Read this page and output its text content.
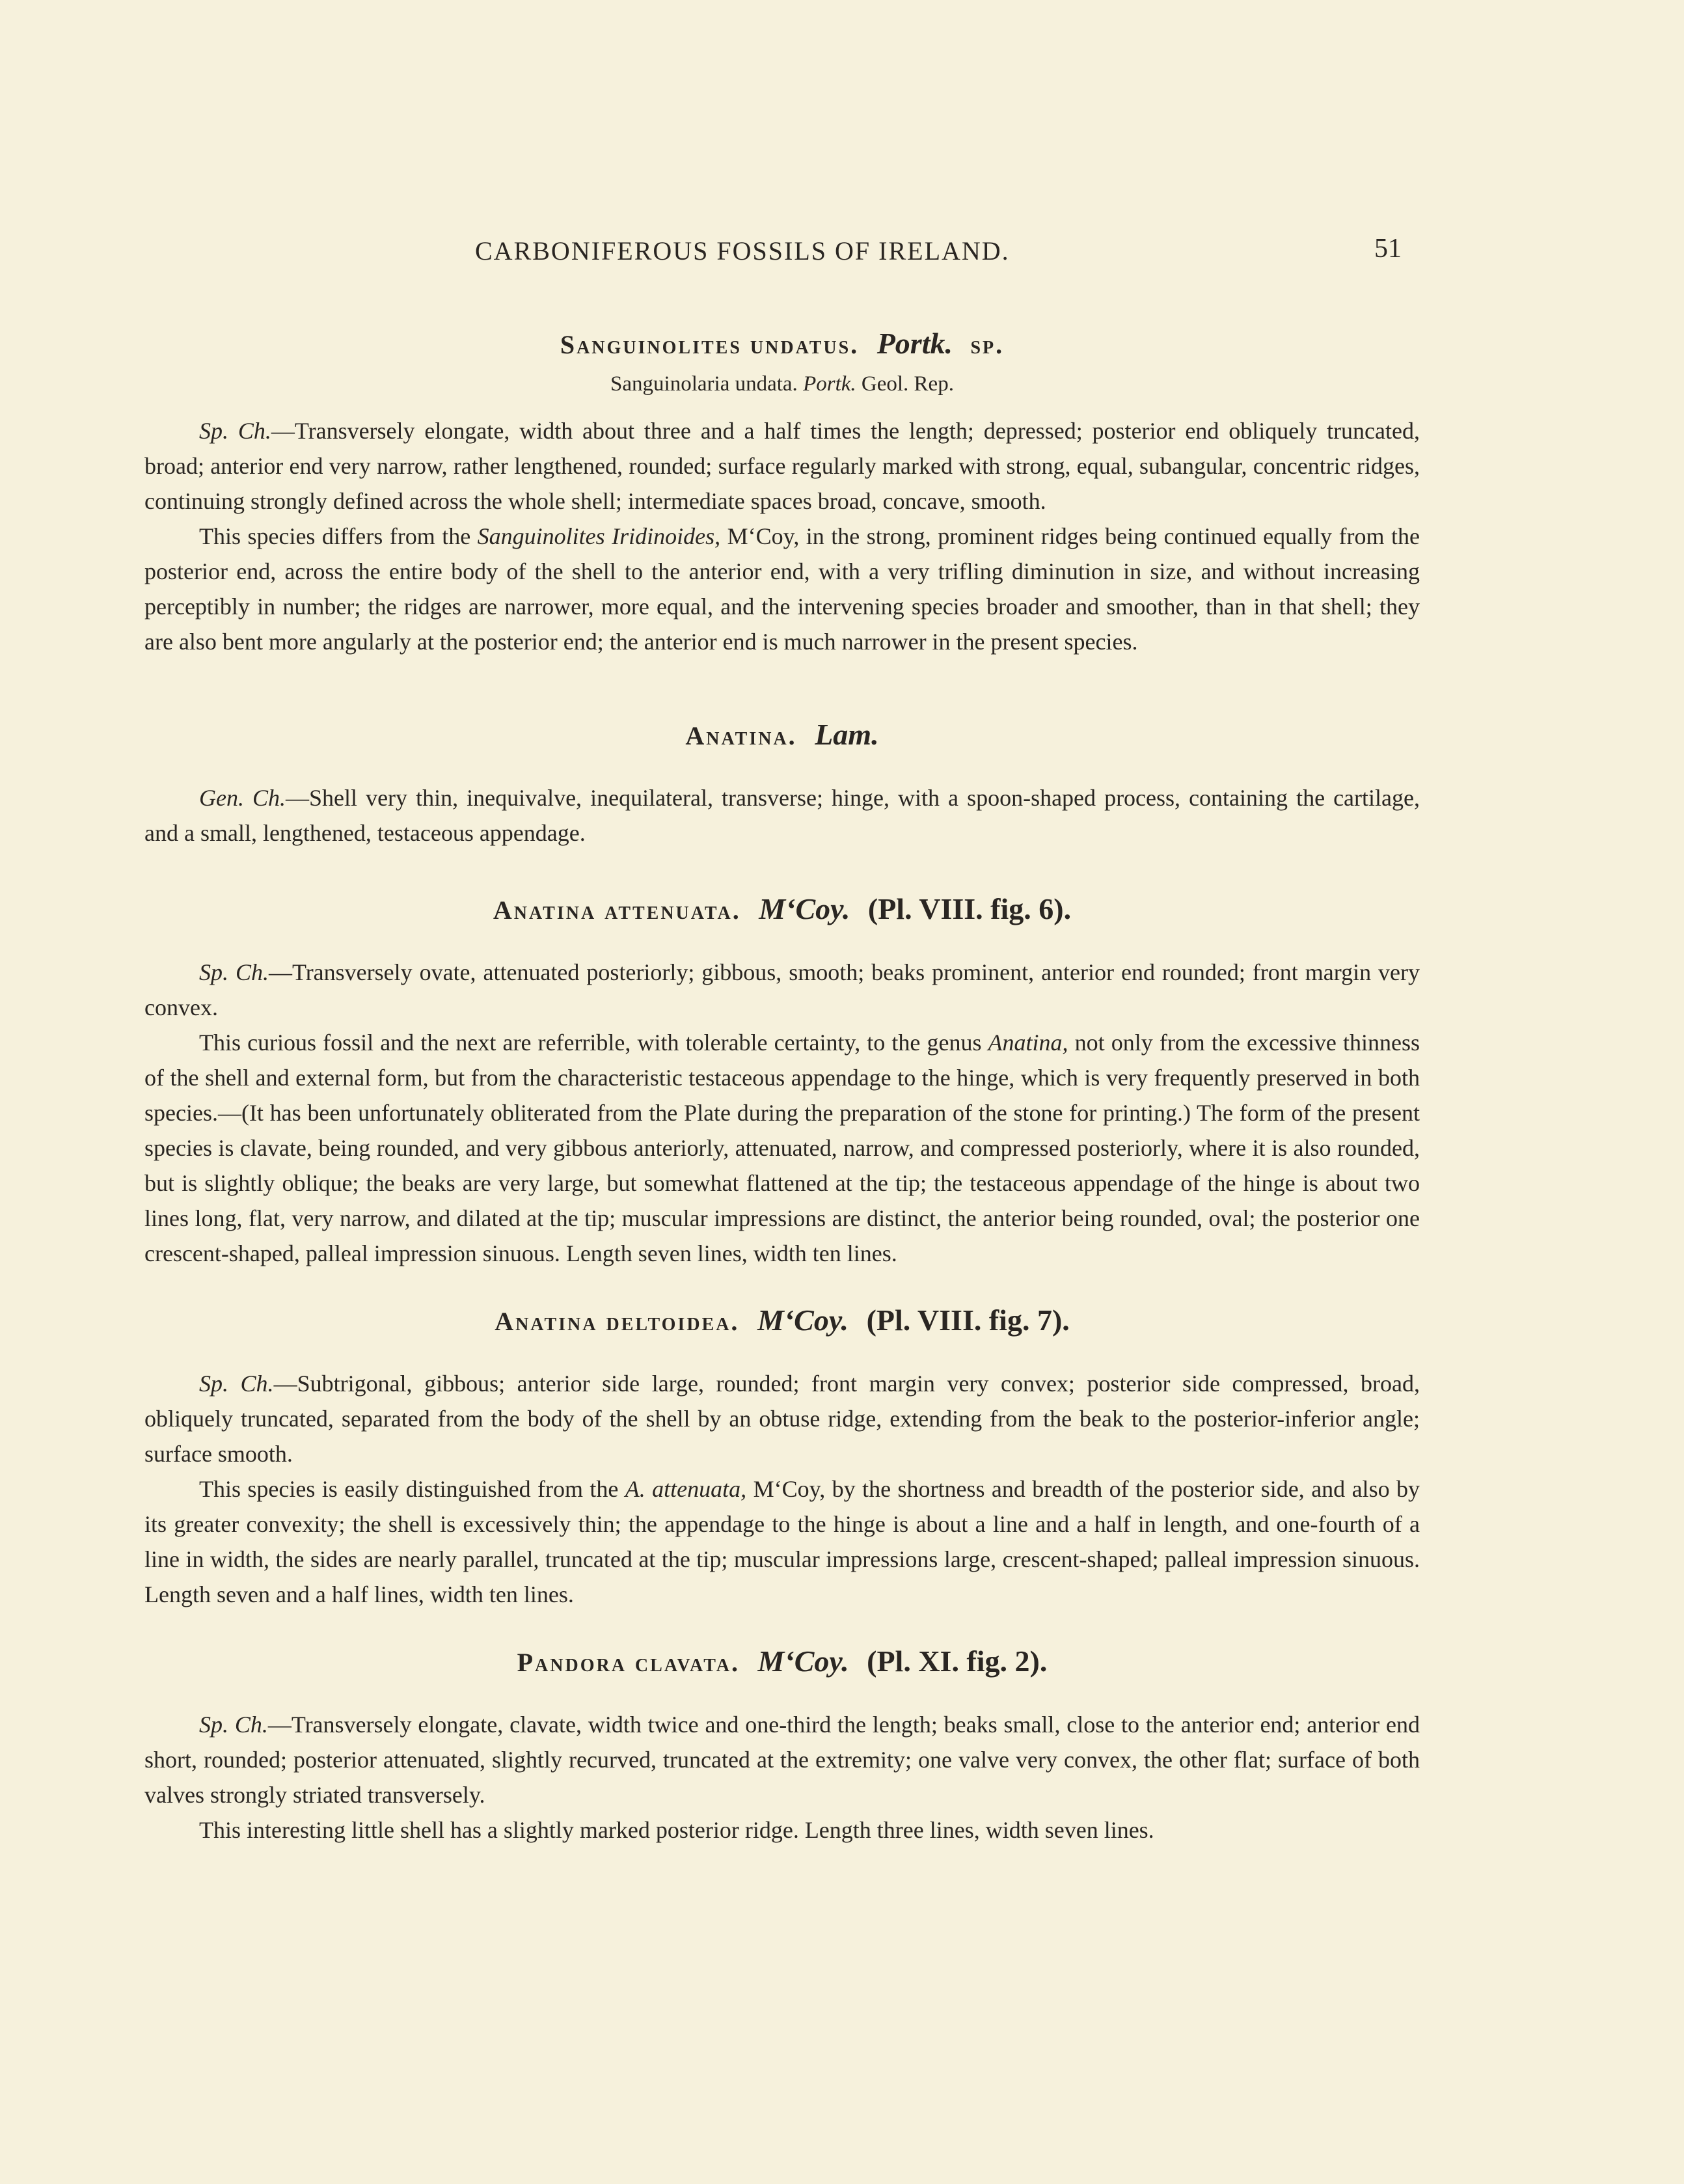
CARBONIFEROUS FOSSILS OF IRELAND.	51
Sanguinolites undatus. Portk. sp.
Sanguinolaria undata. Portk. Geol. Rep.

Sp. Ch.—Transversely elongate, width about three and a half times the length; depressed; posterior end obliquely truncated, broad; anterior end very narrow, rather lengthened, rounded; surface regularly marked with strong, equal, subangular, concentric ridges, continuing strongly defined across the whole shell; intermediate spaces broad, concave, smooth.

This species differs from the Sanguinolites Iridinoides, M‘Coy, in the strong, prominent ridges being continued equally from the posterior end, across the entire body of the shell to the anterior end, with a very trifling diminution in size, and without increasing perceptibly in number; the ridges are narrower, more equal, and the intervening species broader and smoother, than in that shell; they are also bent more angularly at the posterior end; the anterior end is much narrower in the present species.

Anatina. Lam.

Gen. Ch.—Shell very thin, inequivalve, inequilateral, transverse; hinge, with a spoon-shaped process, containing the cartilage, and a small, lengthened, testaceous appendage.

Anatina attenuata. M‘Coy. (Pl. VIII. fig. 6).

Sp. Ch.—Transversely ovate, attenuated posteriorly; gibbous, smooth; beaks prominent, anterior end rounded; front margin very convex.

This curious fossil and the next are referrible, with tolerable certainty, to the genus Anatina, not only from the excessive thinness of the shell and external form, but from the characteristic testaceous appendage to the hinge, which is very frequently preserved in both species.—(It has been unfortunately obliterated from the Plate during the preparation of the stone for printing.) The form of the present species is clavate, being rounded, and very gibbous anteriorly, attenuated, narrow, and compressed posteriorly, where it is also rounded, but is slightly oblique; the beaks are very large, but somewhat flattened at the tip; the testaceous appendage of the hinge is about two lines long, flat, very narrow, and dilated at the tip; muscular impressions are distinct, the anterior being rounded, oval; the posterior one crescent-shaped, palleal impression sinuous. Length seven lines, width ten lines.

Anatina deltoidea. M‘Coy. (Pl. VIII. fig. 7).

Sp. Ch.—Subtrigonal, gibbous; anterior side large, rounded; front margin very convex; posterior side compressed, broad, obliquely truncated, separated from the body of the shell by an obtuse ridge, extending from the beak to the posterior-inferior angle; surface smooth.

This species is easily distinguished from the A. attenuata, M‘Coy, by the shortness and breadth of the posterior side, and also by its greater convexity; the shell is excessively thin; the appendage to the hinge is about a line and a half in length, and one-fourth of a line in width, the sides are nearly parallel, truncated at the tip; muscular impressions large, crescent-shaped; palleal impression sinuous. Length seven and a half lines, width ten lines.

Pandora clavata. M‘Coy. (Pl. XI. fig. 2).

Sp. Ch.—Transversely elongate, clavate, width twice and one-third the length; beaks small, close to the anterior end; anterior end short, rounded; posterior attenuated, slightly recurved, truncated at the extremity; one valve very convex, the other flat; surface of both valves strongly striated transversely.

This interesting little shell has a slightly marked posterior ridge. Length three lines, width seven lines.
